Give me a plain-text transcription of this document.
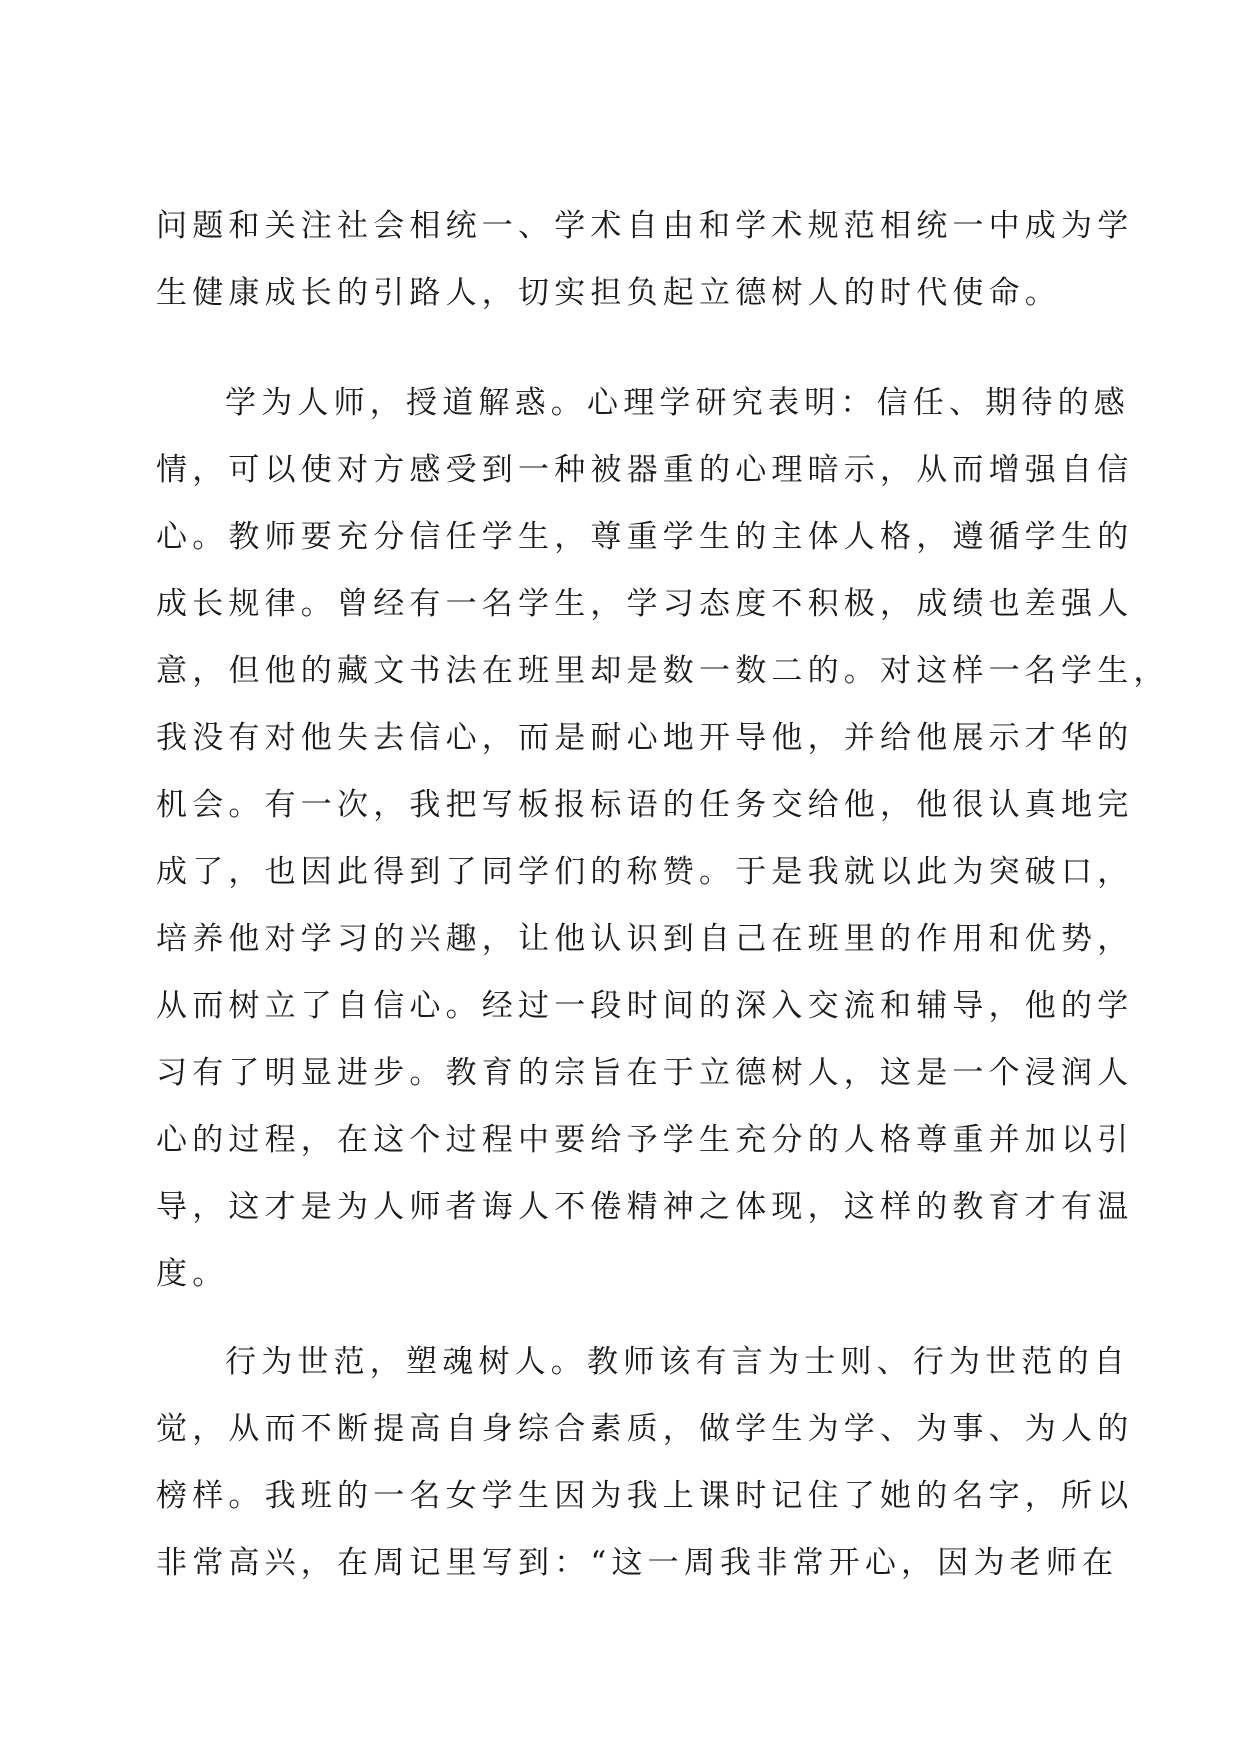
问题和关注社会相统一、学术自由和学术规范相统一中成为学
生健康成长的引路人，切实担负起立德树人的时代使命。
学为人师，授道解惑。心理学研究表明：信任、期待的感
情，可以使对方感受到一种被器重的心理暗示，从而增强自信
心。教师要充分信任学生，尊重学生的主体人格，遵循学生的
成长规律。曾经有一名学生，学习态度不积极，成绩也差强人
意，但他的藏文书法在班里却是数一数二的。对这样一名学生，
我没有对他失去信心，而是耐心地开导他，并给他展示才华的
机会。有一次，我把写板报标语的任务交给他，他很认真地完
成了，也因此得到了同学们的称赞。于是我就以此为突破口，
培养他对学习的兴趣，让他认识到自己在班里的作用和优势，
从而树立了自信心。经过一段时间的深入交流和辅导，他的学
习有了明显进步。教育的宗旨在于立德树人，这是一个浸润人
心的过程，在这个过程中要给予学生充分的人格尊重并加以引
导，这才是为人师者诲人不倦精神之体现，这样的教育才有温
度。
行为世范，塑魂树人。教师该有言为士则、行为世范的自
觉，从而不断提高自身综合素质，做学生为学、为事、为人的
榜样。我班的一名女学生因为我上课时记住了她的名字，所以
非常高兴，在周记里写到：“这一周我非常开心，因为老师在
